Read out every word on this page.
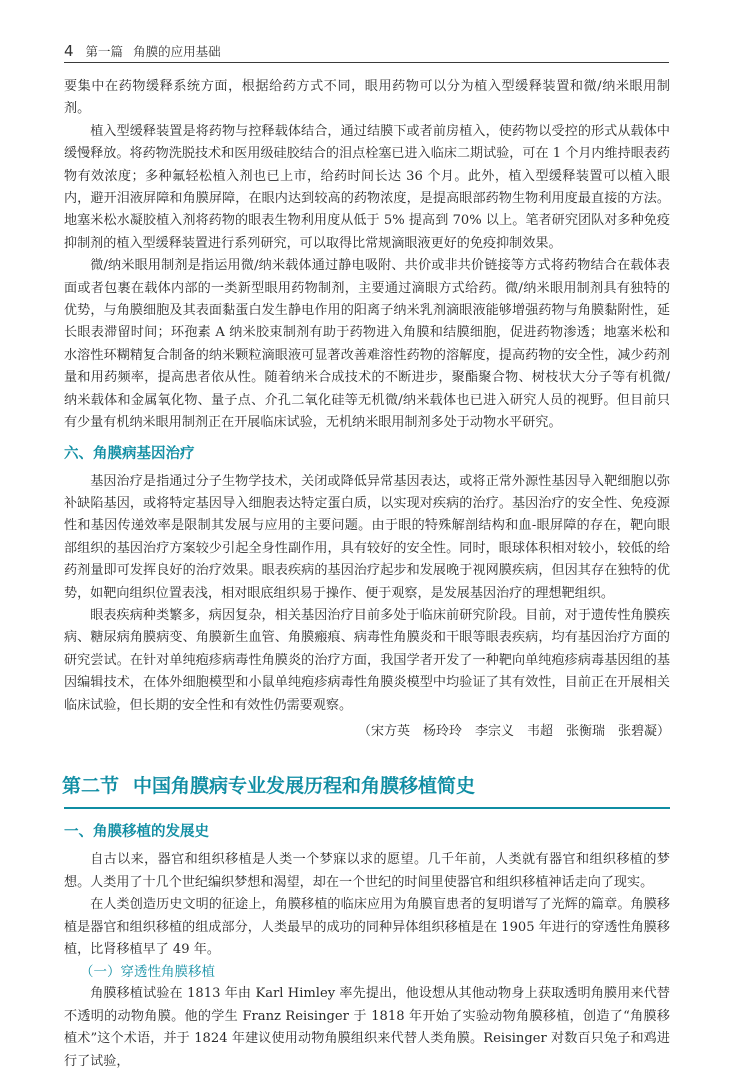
4 第一篇 角膜的应用基础

要集中在药物缓释系统方面，根据给药方式不同，眼用药物可以分为植入型缓释装置和微/纳米眼用制剂。

植入型缓释装置是将药物与控释载体结合，通过结膜下或者前房植入，使药物以受控的形式从载体中缓慢释放。将药物洗脱技术和医用级硅胶结合的泪点栓塞已进入临床二期试验，可在 1 个月内维持眼表药物有效浓度；多种氟轻松植入剂也已上市，给药时间长达 36 个月。此外，植入型缓释装置可以植入眼内，避开泪液屏障和角膜屏障，在眼内达到较高的药物浓度，是提高眼部药物生物利用度最直接的方法。地塞米松水凝胶植入剂将药物的眼表生物利用度从低于 5% 提高到 70% 以上。笔者研究团队对多种免疫抑制剂的植入型缓释装置进行系列研究，可以取得比常规滴眼液更好的免疫抑制效果。

微/纳米眼用制剂是指运用微/纳米载体通过静电吸附、共价或非共价链接等方式将药物结合在载体表面或者包裹在载体内部的一类新型眼用药物制剂，主要通过滴眼方式给药。微/纳米眼用制剂具有独特的优势，与角膜细胞及其表面黏蛋白发生静电作用的阳离子纳米乳剂滴眼液能够增强药物与角膜黏附性，延长眼表滞留时间；环孢素 A 纳米胶束制剂有助于药物进入角膜和结膜细胞，促进药物渗透；地塞米松和水溶性环糊精复合制备的纳米颗粒滴眼液可显著改善难溶性药物的溶解度，提高药物的安全性，减少药剂量和用药频率，提高患者依从性。随着纳米合成技术的不断进步，聚酯聚合物、树枝状大分子等有机微/纳米载体和金属氧化物、量子点、介孔二氧化硅等无机微/纳米载体也已进入研究人员的视野。但目前只有少量有机纳米眼用制剂正在开展临床试验，无机纳米眼用制剂多处于动物水平研究。

六、角膜病基因治疗

基因治疗是指通过分子生物学技术，关闭或降低异常基因表达，或将正常外源性基因导入靶细胞以弥补缺陷基因，或将特定基因导入细胞表达特定蛋白质，以实现对疾病的治疗。基因治疗的安全性、免疫源性和基因传递效率是限制其发展与应用的主要问题。由于眼的特殊解剖结构和血-眼屏障的存在，靶向眼部组织的基因治疗方案较少引起全身性副作用，具有较好的安全性。同时，眼球体积相对较小，较低的给药剂量即可发挥良好的治疗效果。眼表疾病的基因治疗起步和发展晚于视网膜疾病，但因其存在独特的优势，如靶向组织位置表浅，相对眼底组织易于操作、便于观察，是发展基因治疗的理想靶组织。

眼表疾病种类繁多，病因复杂，相关基因治疗目前多处于临床前研究阶段。目前，对于遗传性角膜疾病、糖尿病角膜病变、角膜新生血管、角膜瘢痕、病毒性角膜炎和干眼等眼表疾病，均有基因治疗方面的研究尝试。在针对单纯疱疹病毒性角膜炎的治疗方面，我国学者开发了一种靶向单纯疱疹病毒基因组的基因编辑技术，在体外细胞模型和小鼠单纯疱疹病毒性角膜炎模型中均验证了其有效性，目前正在开展相关临床试验，但长期的安全性和有效性仍需要观察。

（宋方英　杨玲玲　李宗义　韦超　张衡瑞　张碧凝）
第二节 中国角膜病专业发展历程和角膜移植简史
一、角膜移植的发展史

自古以来，器官和组织移植是人类一个梦寐以求的愿望。几千年前，人类就有器官和组织移植的梦想。人类用了十几个世纪编织梦想和渴望，却在一个世纪的时间里使器官和组织移植神话走向了现实。

在人类创造历史文明的征途上，角膜移植的临床应用为角膜盲患者的复明谱写了光辉的篇章。角膜移植是器官和组织移植的组成部分，人类最早的成功的同种异体组织移植是在 1905 年进行的穿透性角膜移植，比肾移植早了 49 年。

（一）穿透性角膜移植

角膜移植试验在 1813 年由 Karl Himley 率先提出，他设想从其他动物身上获取透明角膜用来代替不透明的动物角膜。他的学生 Franz Reisinger 于 1818 年开始了实验动物角膜移植，创造了“角膜移植术”这个术语，并于 1824 年建议使用动物角膜组织来代替人类角膜。Reisinger 对数百只兔子和鸡进行了试验，
